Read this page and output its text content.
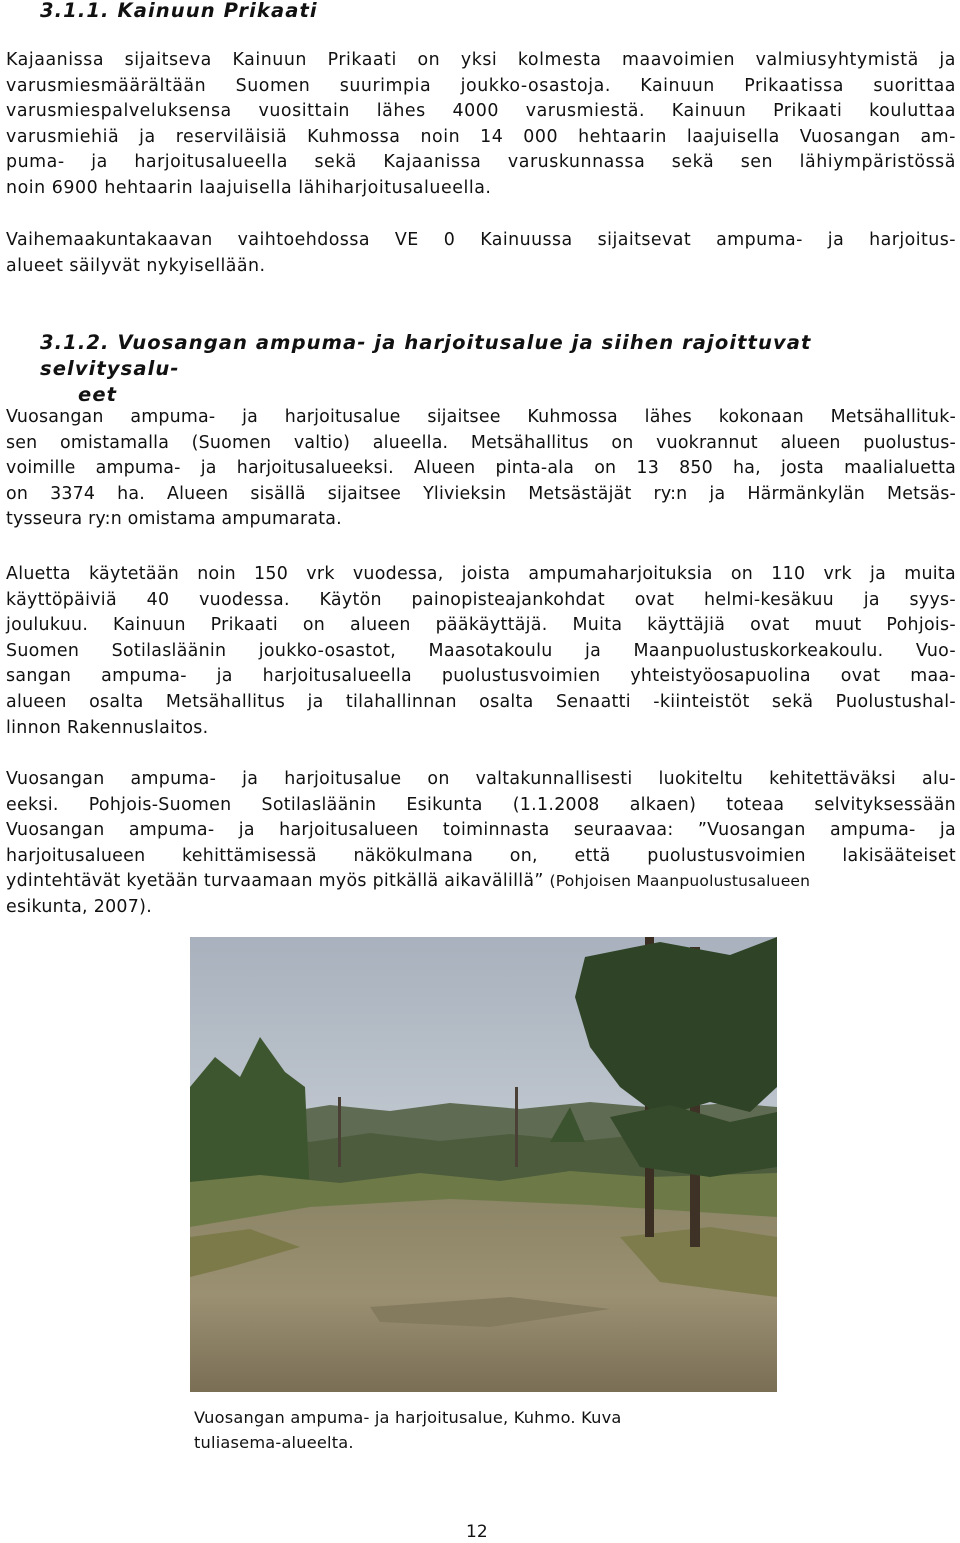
3.1.1. Kainuun Prikaati

Kajaanissa sijaitseva Kainuun Prikaati on yksi kolmesta maavoimien valmiusyhtymistä ja
varusmiesmäärältään Suomen suurimpia joukko-osastoja. Kainuun Prikaatissa suorittaa
varusmiespalveluksensa vuosittain lähes 4000 varusmiestä. Kainuun Prikaati kouluttaa
varusmiehiä ja reserviläisiä Kuhmossa noin 14 000 hehtaarin laajuisella Vuosangan am-
puma- ja harjoitusalueella sekä Kajaanissa varuskunnassa sekä sen lähiympäristössä
noin 6900 hehtaarin laajuisella lähiharjoitusalueella.

Vaihemaakuntakaavan vaihtoehdossa VE 0 Kainuussa sijaitsevat ampuma- ja harjoitus-
alueet säilyvät nykyisellään.

3.1.2. Vuosangan ampuma- ja harjoitusalue ja siihen rajoittuvat selvitysalu-
eet

Vuosangan ampuma- ja harjoitusalue sijaitsee Kuhmossa lähes kokonaan Metsähallituk-
sen omistamalla (Suomen valtio) alueella. Metsähallitus on vuokrannut alueen puolustus-
voimille ampuma- ja harjoitusalueeksi. Alueen pinta-ala on 13 850 ha, josta maalialuetta
on 3374 ha. Alueen sisällä sijaitsee Ylivieksin Metsästäjät ry:n ja Härmänkylän Metsäs-
tysseura ry:n omistama ampumarata.

Aluetta käytetään noin 150 vrk vuodessa, joista ampumaharjoituksia on 110 vrk ja muita
käyttöpäiviä 40 vuodessa. Käytön painopisteajankohdat ovat helmi-kesäkuu ja syys-
joulukuu. Kainuun Prikaati on alueen pääkäyttäjä. Muita käyttäjiä ovat muut Pohjois-
Suomen Sotilasläänin joukko-osastot, Maasotakoulu ja Maanpuolustuskorkeakoulu. Vuo-
sangan ampuma- ja harjoitusalueella puolustusvoimien yhteistyöosapuolina ovat maa-
alueen osalta Metsähallitus ja tilahallinnan osalta Senaatti -kiinteistöt sekä Puolustushal-
linnon Rakennuslaitos.

Vuosangan ampuma- ja harjoitusalue on valtakunnallisesti luokiteltu kehitettäväksi alu-
eeksi. Pohjois-Suomen Sotilasläänin Esikunta (1.1.2008 alkaen) toteaa selvityksessään
Vuosangan ampuma- ja harjoitusalueen toiminnasta seuraavaa: ”Vuosangan ampuma- ja
harjoitusalueen kehittämisessä näkökulmana on, että puolustusvoimien lakisääteiset
ydintehtävät kyetään turvaamaan myös pitkällä aikavälillä” (Pohjoisen Maanpuolustusalueen
esikunta, 2007).

Vuosangan ampuma- ja harjoitusalue, Kuhmo. Kuva
tuliasema-alueelta.

12
